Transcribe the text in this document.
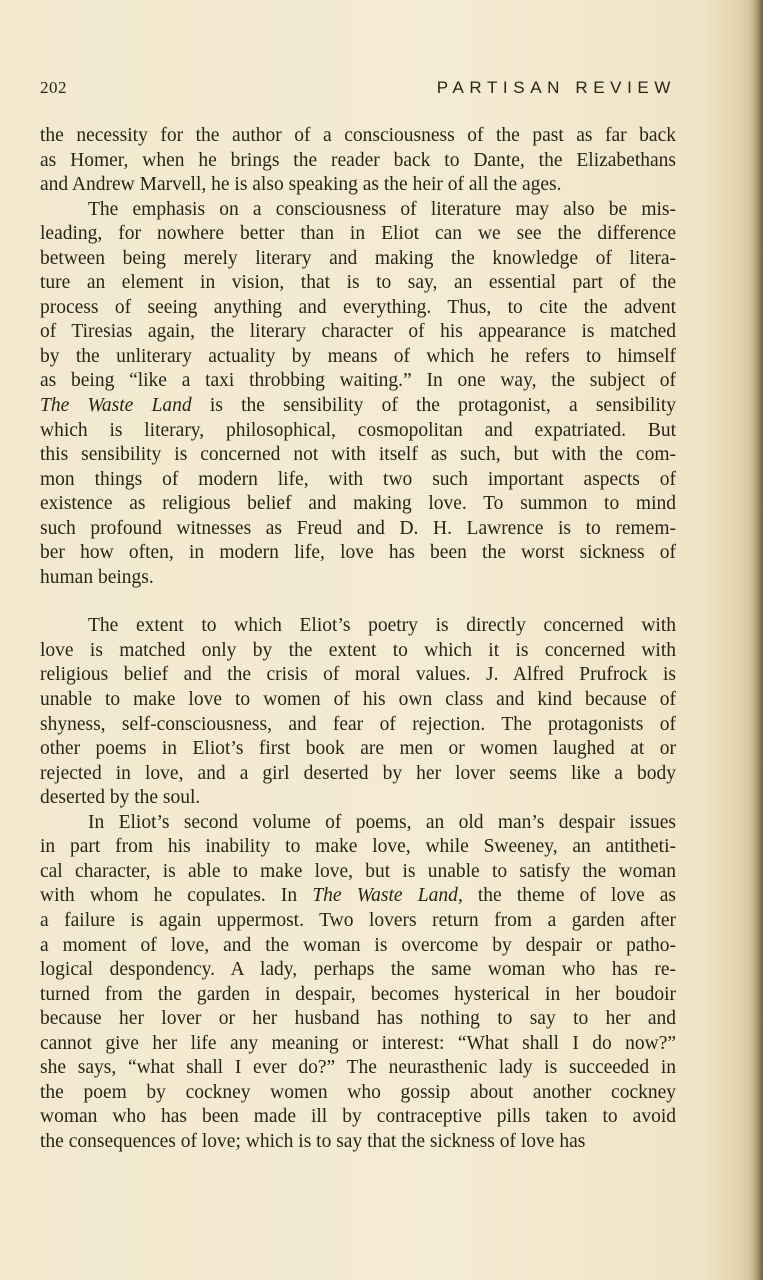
202	PARTISAN REVIEW
the necessity for the author of a consciousness of the past as far back
as Homer, when he brings the reader back to Dante, the Elizabethans
and Andrew Marvell, he is also speaking as the heir of all the ages.
The emphasis on a consciousness of literature may also be mis-
leading, for nowhere better than in Eliot can we see the difference
between being merely literary and making the knowledge of litera-
ture an element in vision, that is to say, an essential part of the
process of seeing anything and everything. Thus, to cite the advent
of Tiresias again, the literary character of his appearance is matched
by the unliterary actuality by means of which he refers to himself
as being “like a taxi throbbing waiting.” In one way, the subject of
The Waste Land is the sensibility of the protagonist, a sensibility
which is literary, philosophical, cosmopolitan and expatriated. But
this sensibility is concerned not with itself as such, but with the com-
mon things of modern life, with two such important aspects of
existence as religious belief and making love. To summon to mind
such profound witnesses as Freud and D. H. Lawrence is to remem-
ber how often, in modern life, love has been the worst sickness of
human beings.
The extent to which Eliot’s poetry is directly concerned with
love is matched only by the extent to which it is concerned with
religious belief and the crisis of moral values. J. Alfred Prufrock is
unable to make love to women of his own class and kind because of
shyness, self-consciousness, and fear of rejection. The protagonists of
other poems in Eliot’s first book are men or women laughed at or
rejected in love, and a girl deserted by her lover seems like a body
deserted by the soul.
In Eliot’s second volume of poems, an old man’s despair issues
in part from his inability to make love, while Sweeney, an antitheti-
cal character, is able to make love, but is unable to satisfy the woman
with whom he copulates. In The Waste Land, the theme of love as
a failure is again uppermost. Two lovers return from a garden after
a moment of love, and the woman is overcome by despair or patho-
logical despondency. A lady, perhaps the same woman who has re-
turned from the garden in despair, becomes hysterical in her boudoir
because her lover or her husband has nothing to say to her and
cannot give her life any meaning or interest: “What shall I do now?”
she says, “what shall I ever do?” The neurasthenic lady is succeeded in
the poem by cockney women who gossip about another cockney
woman who has been made ill by contraceptive pills taken to avoid
the consequences of love; which is to say that the sickness of love has
